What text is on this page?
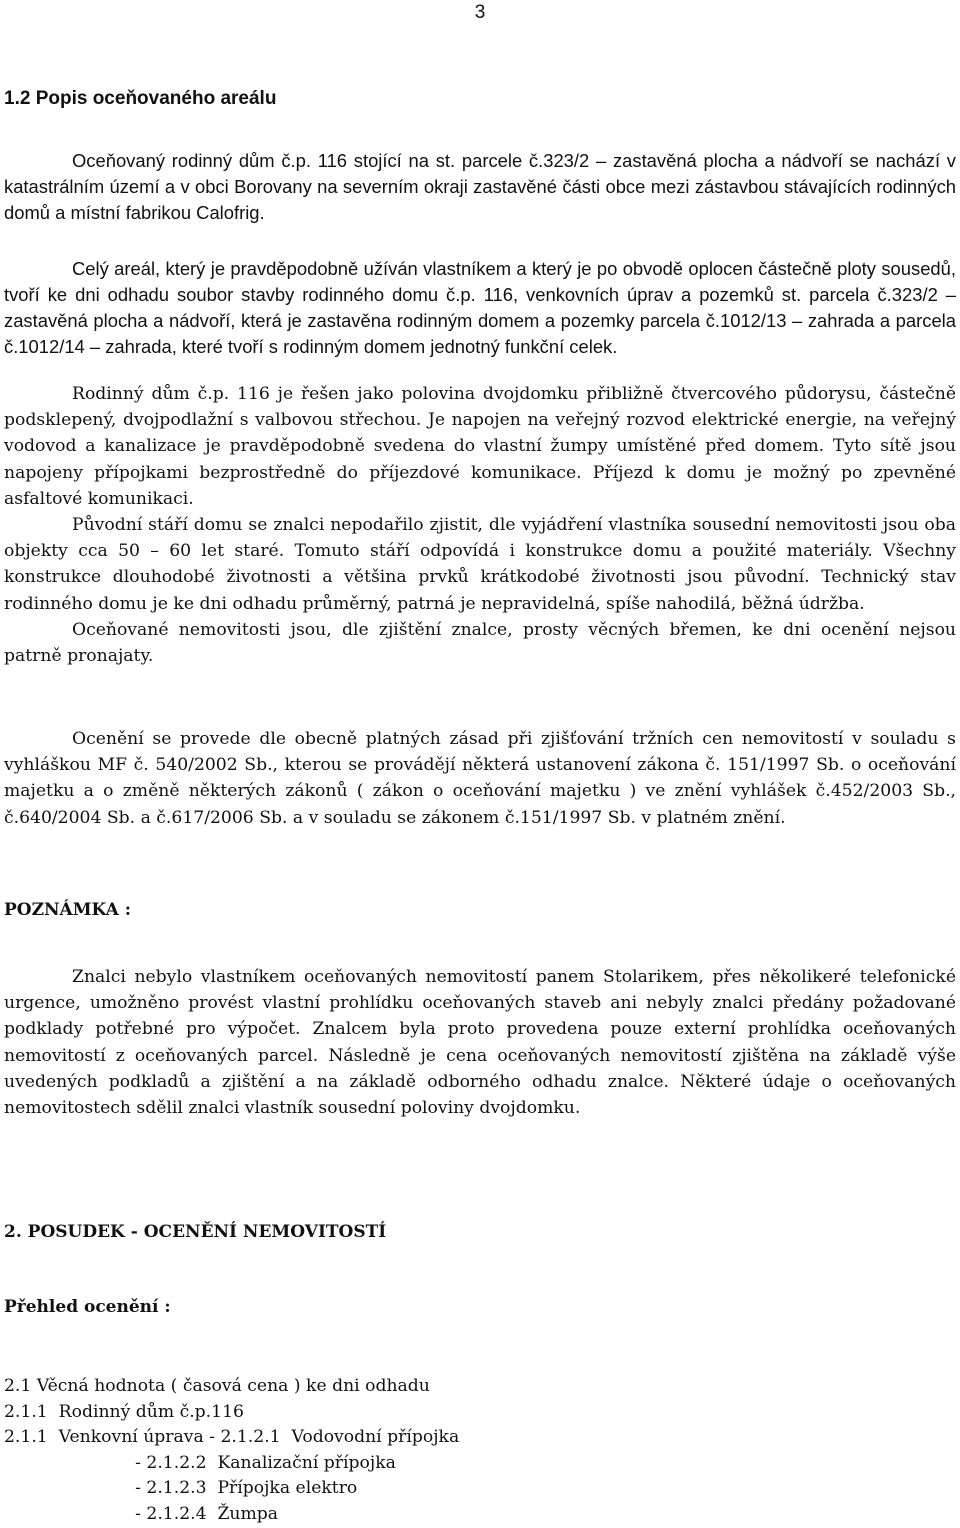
3
1.2 Popis oceňovaného areálu

Oceňovaný rodinný dům č.p. 116 stojící na st. parcele č.323/2 – zastavěná plocha a nádvoří se nachází v katastrálním území a v obci Borovany na severním okraji zastavěné části obce mezi zástavbou stávajících rodinných domů a místní fabrikou Calofrig.

Celý areál, který je pravděpodobně užíván vlastníkem a který je po obvodě oplocen částečně ploty sousedů, tvoří ke dni odhadu soubor stavby rodinného domu č.p. 116, venkovních úprav a pozemků st. parcela č.323/2 – zastavěná plocha a nádvoří, která je zastavěna rodinným domem a pozemky parcela č.1012/13 – zahrada a parcela č.1012/14 – zahrada, které tvoří s rodinným domem jednotný funkční celek.

Rodinný dům č.p. 116 je řešen jako polovina dvojdomku přibližně čtvercového půdorysu, částečně podsklepený, dvojpodlažní s valbovou střechou. Je napojen na veřejný rozvod elektrické energie, na veřejný vodovod a kanalizace je pravděpodobně svedena do vlastní žumpy umístěné před domem. Tyto sítě jsou napojeny přípojkami bezprostředně do příjezdové komunikace. Příjezd k domu je možný po zpevněné asfaltové komunikaci.

Původní stáří domu se znalci nepodařilo zjistit, dle vyjádření vlastníka sousední nemovitosti jsou oba objekty cca 50 – 60 let staré. Tomuto stáří odpovídá i konstrukce domu a použité materiály. Všechny konstrukce dlouhodobé životnosti a většina prvků krátkodobé životnosti jsou původní. Technický stav rodinného domu je ke dni odhadu průměrný, patrná je nepravidelná, spíše nahodilá, běžná údržba.

Oceňované nemovitosti jsou, dle zjištění znalce, prosty věcných břemen, ke dni ocenění nejsou patrně pronajaty.

Ocenění se provede dle obecně platných zásad při zjišťování tržních cen nemovitostí v souladu s vyhláškou MF č. 540/2002 Sb., kterou se provádějí některá ustanovení zákona č. 151/1997 Sb. o oceňování majetku a o změně některých zákonů ( zákon o oceňování majetku ) ve znění vyhlášek č.452/2003 Sb., č.640/2004 Sb. a č.617/2006 Sb. a v souladu se zákonem č.151/1997 Sb. v platném znění.

POZNÁMKA :

Znalci nebylo vlastníkem oceňovaných nemovitostí panem Stolarikem, přes několikeré telefonické urgence, umožněno provést vlastní prohlídku oceňovaných staveb ani nebyly znalci předány požadované podklady potřebné pro výpočet. Znalcem byla proto provedena pouze externí prohlídka oceňovaných nemovitostí z oceňovaných parcel. Následně je cena oceňovaných nemovitostí zjištěna na základě výše uvedených podkladů a zjištění a na základě odborného odhadu znalce. Některé údaje o oceňovaných nemovitostech sdělil znalci vlastník sousední poloviny dvojdomku.

2. POSUDEK - OCENĚNÍ NEMOVITOSTÍ
Přehled ocenění :
2.1 Věcná hodnota ( časová cena ) ke dni odhadu
2.1.1  Rodinný dům č.p.116
2.1.1  Venkovní úprava - 2.1.2.1  Vodovodní přípojka
- 2.1.2.2  Kanalizační přípojka
- 2.1.2.3  Přípojka elektro
- 2.1.2.4  Žumpa
